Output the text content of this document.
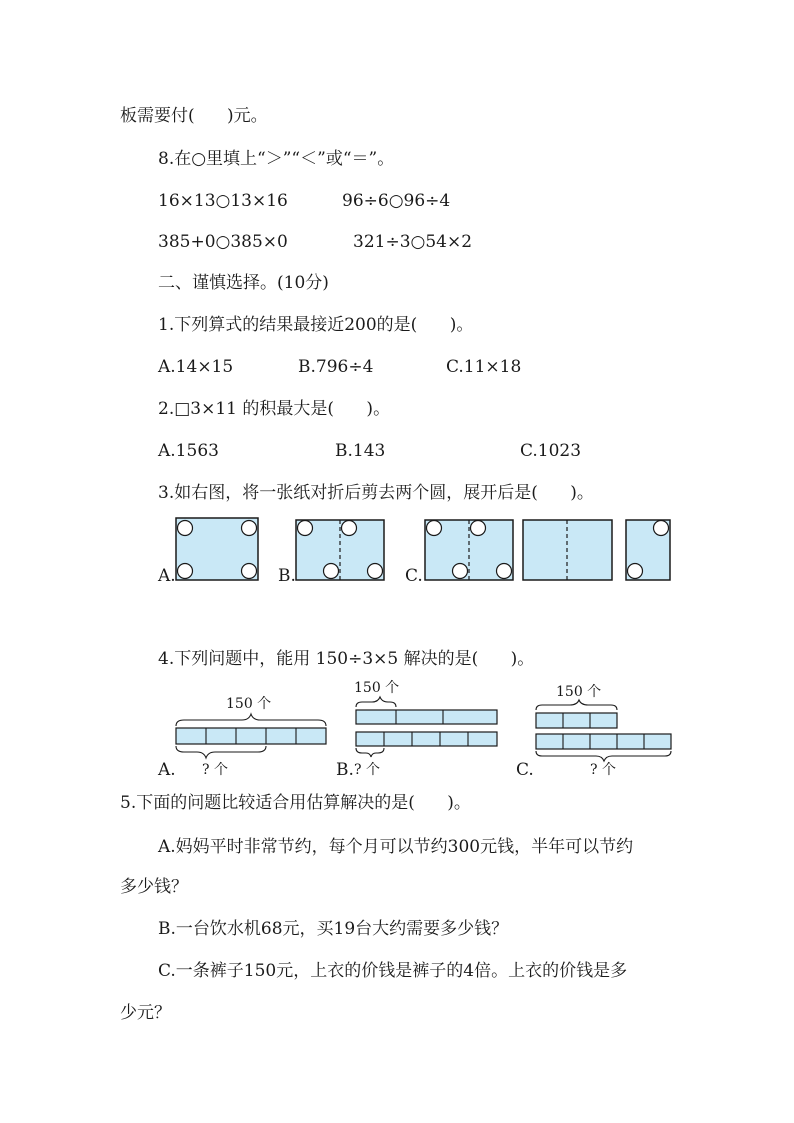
板需要付(      )元。
8.在○里填上“＞”“＜”或“＝”。
16×13○13×16	96÷6○96÷4
385+0○385×0	321÷3○54×2
二、谨慎选择。(10分)
1.下列算式的结果最接近200的是(      )。
A.14×15	B.796÷4	C.11×18
2.□3×11 的积最大是(      )。
A.1563	B.143	C.1023
3.如右图，将一张纸对折后剪去两个圆，展开后是(      )。
A.	B.	C.
4.下列问题中，能用 150÷3×5 解决的是(      )。
150 个
? 个
150 个
? 个
150 个
? 个
A.	B.	C.
5.下面的问题比较适合用估算解决的是(      )。
A.妈妈平时非常节约，每个月可以节约300元钱，半年可以节约
多少钱？
B.一台饮水机68元，买19台大约需要多少钱？
C.一条裤子150元，上衣的价钱是裤子的4倍。上衣的价钱是多
少元？
